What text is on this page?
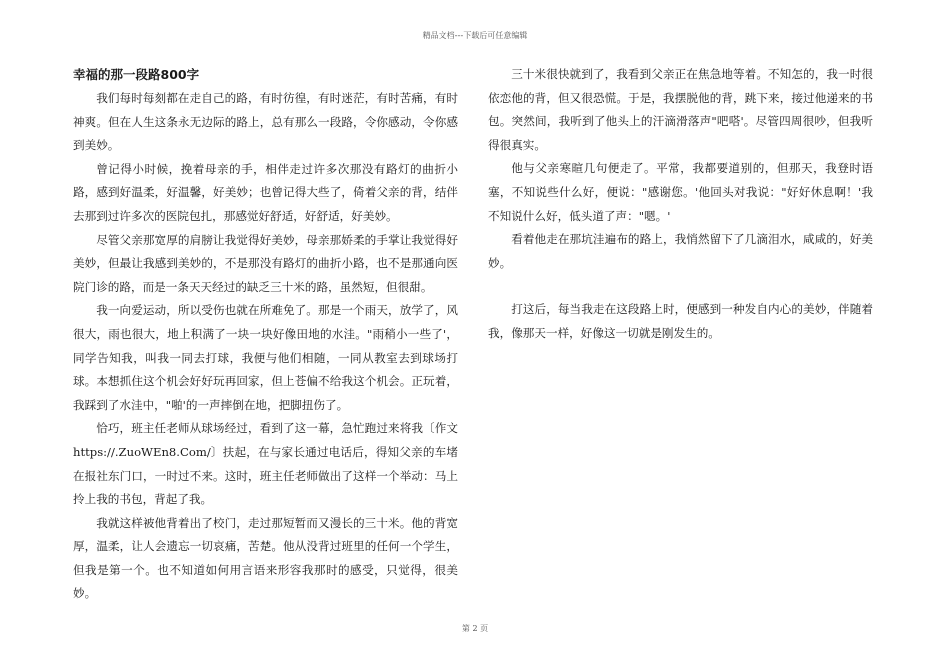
精品文档---下载后可任意编辑
幸福的那一段路800字

我们每时每刻都在走自己的路，有时彷徨，有时迷茫，有时苦痛，有时神爽。但在人生这条永无边际的路上，总有那么一段路，令你感动，令你感到美妙。

曾记得小时候，挽着母亲的手，相伴走过许多次那没有路灯的曲折小路，感到好温柔，好温馨，好美妙；也曾记得大些了，倚着父亲的背，结伴去那到过许多次的医院包扎，那感觉好舒适，好舒适，好美妙。

尽管父亲那宽厚的肩膀让我觉得好美妙，母亲那娇柔的手掌让我觉得好美妙，但最让我感到美妙的，不是那没有路灯的曲折小路，也不是那通向医院门诊的路，而是一条天天经过的缺乏三十米的路，虽然短，但很甜。

我一向爱运动，所以受伤也就在所难免了。那是一个雨天，放学了，风很大，雨也很大，地上积满了一块一块好像田地的水洼。"雨稍小一些了'，同学告知我，叫我一同去打球，我便与他们相随，一同从教室去到球场打球。本想抓住这个机会好好玩再回家，但上苍偏不给我这个机会。正玩着，我踩到了水洼中，"啪'的一声摔倒在地，把脚扭伤了。

恰巧，班主任老师从球场经过，看到了这一幕，急忙跑过来将我〔作文https://.ZuoWEn8.Com/〕扶起，在与家长通过电话后，得知父亲的车堵在报社东门口，一时过不来。这时，班主任老师做出了这样一个举动：马上拎上我的书包，背起了我。

我就这样被他背着出了校门，走过那短暂而又漫长的三十米。他的背宽厚，温柔，让人会遗忘一切哀痛，苦楚。他从没背过班里的任何一个学生，但我是第一个。也不知道如何用言语来形容我那时的感受，只觉得，很美妙。

三十米很快就到了，我看到父亲正在焦急地等着。不知怎的，我一时很依恋他的背，但又很恐慌。于是，我摆脱他的背，跳下来，接过他递来的书包。突然间，我听到了他头上的汗滴滑落声"吧嗒'。尽管四周很吵，但我听得很真实。

他与父亲寒暄几句便走了。平常，我都要道别的，但那天，我登时语塞，不知说些什么好，便说："感谢您。'他回头对我说："好好休息啊！'我不知说什么好，低头道了声："嗯。'

看着他走在那坑洼遍布的路上，我悄然留下了几滴泪水，咸咸的，好美妙。

打这后，每当我走在这段路上时，便感到一种发自内心的美妙，伴随着我，像那天一样，好像这一切就是刚发生的。

第 2 页
